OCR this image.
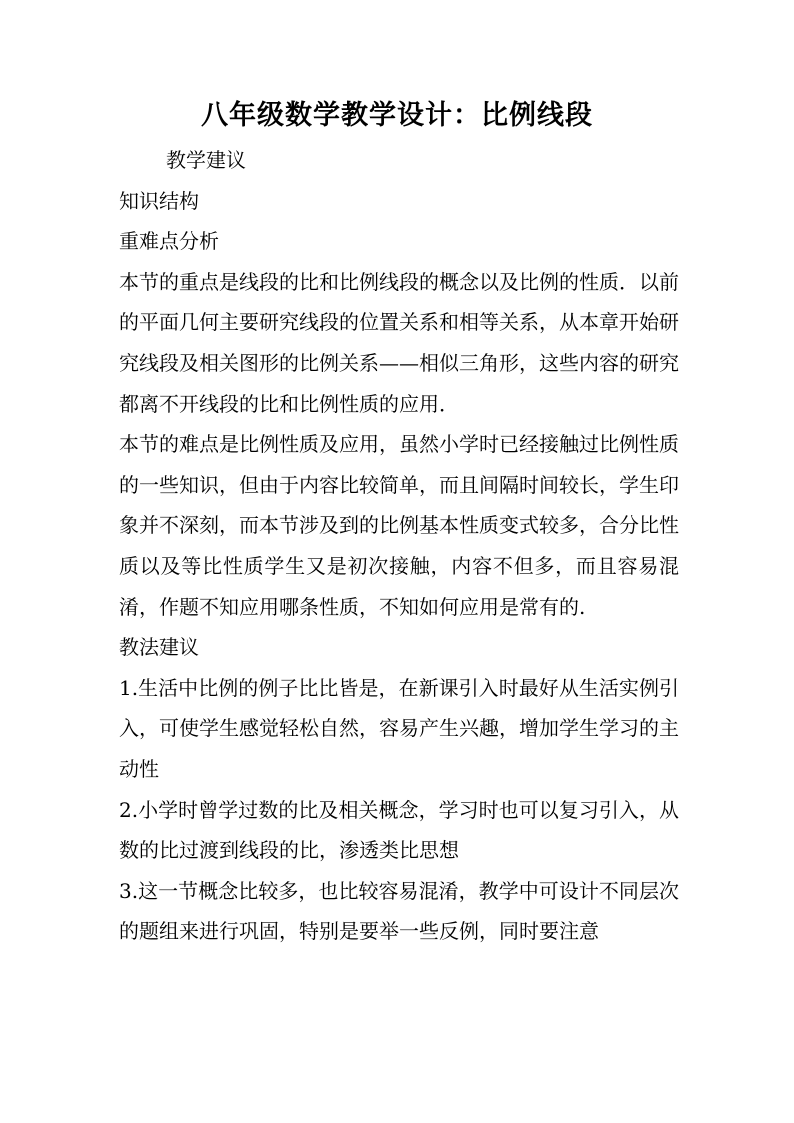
八年级数学教学设计：比例线段

教学建议

知识结构

重难点分析

本节的重点是线段的比和比例线段的概念以及比例的性质．以前的平面几何主要研究线段的位置关系和相等关系，从本章开始研究线段及相关图形的比例关系——相似三角形，这些内容的研究都离不开线段的比和比例性质的应用．

本节的难点是比例性质及应用，虽然小学时已经接触过比例性质的一些知识，但由于内容比较简单，而且间隔时间较长，学生印象并不深刻，而本节涉及到的比例基本性质变式较多，合分比性质以及等比性质学生又是初次接触，内容不但多，而且容易混淆，作题不知应用哪条性质，不知如何应用是常有的.

教法建议

1.生活中比例的例子比比皆是，在新课引入时最好从生活实例引入，可使学生感觉轻松自然，容易产生兴趣，增加学生学习的主动性

2.小学时曾学过数的比及相关概念，学习时也可以复习引入，从数的比过渡到线段的比，渗透类比思想

3.这一节概念比较多，也比较容易混淆，教学中可设计不同层次的题组来进行巩固，特别是要举一些反例，同时要注意
